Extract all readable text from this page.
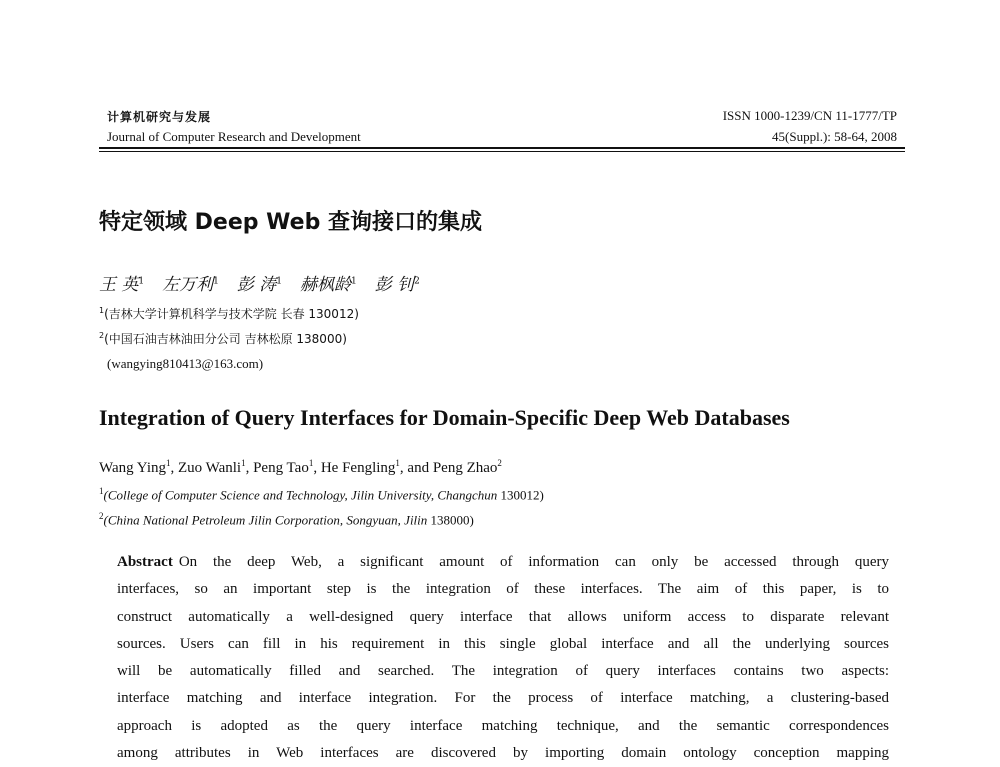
计算机研究与发展
Journal of Computer Research and Development
ISSN 1000-1239/CN 11-1777/TP
45(Suppl.): 58-64, 2008
特定领域 Deep Web 查询接口的集成
王 英$^1$ 左万利$^1$ 彭 涛$^1$ 赫枫龄$^1$ 彭 钊$^2$
$^1$(吉林大学计算机科学与技术学院 长春 130012)
$^2$(中国石油吉林油田分公司 吉林松原 138000)
(wangying810413@163.com)
Integration of Query Interfaces for Domain-Specific Deep Web Databases
Wang Ying$^1$, Zuo Wanli$^1$, Peng Tao$^1$, He Fengling$^1$, and Peng Zhao$^2$
$^1$(College of Computer Science and Technology, Jilin University, Changchun 130012)
$^2$(China National Petroleum Jilin Corporation, Songyuan, Jilin 138000)
Abstract On the deep Web, a significant amount of information can only be accessed through query
interfaces, so an important step is the integration of these interfaces. The aim of this paper, is to
construct automatically a well-designed query interface that allows uniform access to disparate relevant
sources. Users can fill in his requirement in this single global interface and all the underlying sources
will be automatically filled and searched. The integration of query interfaces contains two aspects:
interface matching and interface integration. For the process of interface matching, a clustering-based
approach is adopted as the query interface matching technique, and the semantic correspondences
among attributes in Web interfaces are discovered by importing domain ontology conception mapping
